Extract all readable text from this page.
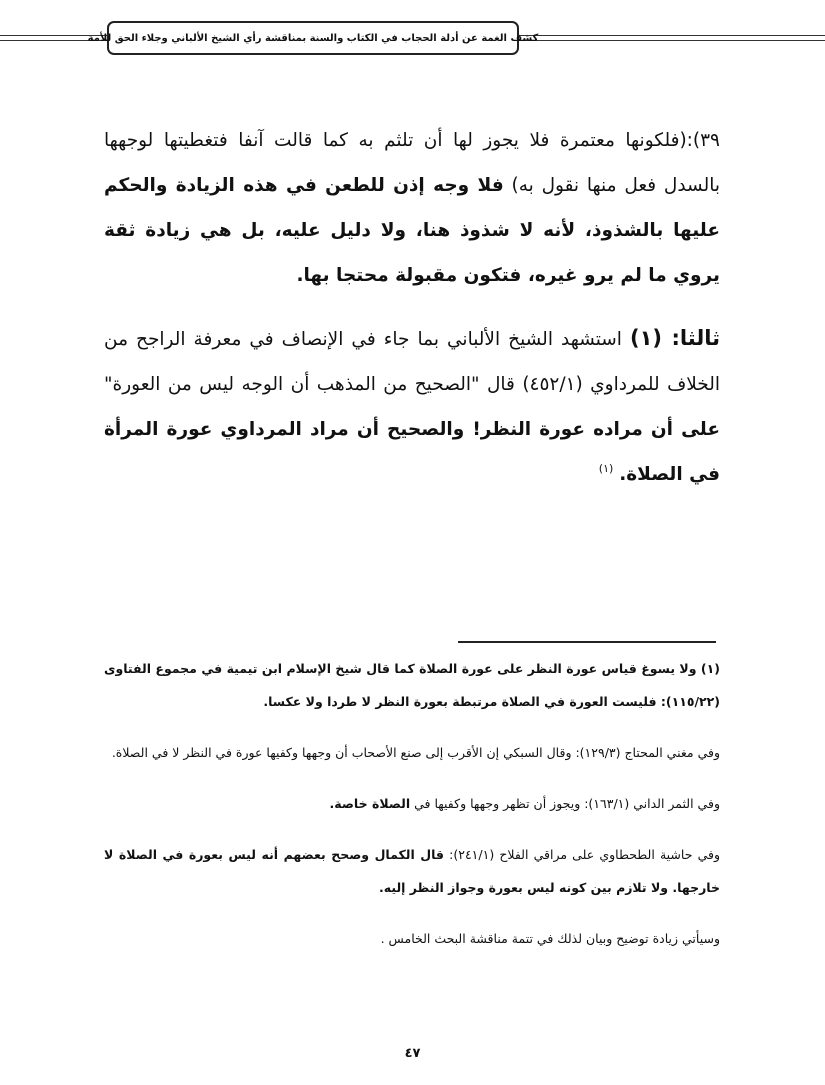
كشف الغمة عن أدلة الحجاب في الكتاب والسنة بمناقشة رأي الشيخ الألباني وجلاء الحق للأمة

٣٩):(فلكونها معتمرة فلا يجوز لها أن تلثم به كما قالت آنفا فتغطيتها لوجهها بالسدل فعل منها نقول به) فلا وجه إذن للطعن في هذه الزيادة والحكم عليها بالشذوذ، لأنه لا شذوذ هنا، ولا دليل عليه، بل هي زيادة ثقة يروي ما لم يرو غيره، فتكون مقبولة محتجا بها.

ثالثا: (١) استشهد الشيخ الألباني بما جاء في الإنصاف في معرفة الراجح من الخلاف للمرداوي (٤٥٢/١) قال "الصحيح من المذهب أن الوجه ليس من العورة" على أن مراده عورة النظر! والصحيح أن مراد المرداوي عورة المرأة في الصلاة. $^{(١)}$

(١) ولا يسوغ قياس عورة النظر على عورة الصلاة كما قال شيخ الإسلام ابن تيمية في مجموع الفتاوى (١١٥/٢٢): فليست العورة في الصلاة مرتبطة بعورة النظر لا طردا ولا عكسا.

وفي مغني المحتاج (١٢٩/٣): وقال السبكي إن الأقرب إلى صنع الأصحاب أن وجهها وكفيها عورة في النظر لا في الصلاة.

وفي الثمر الداني (١٦٣/١): ويجوز أن تظهر وجهها وكفيها في الصلاة خاصة.

وفي حاشية الطحطاوي على مراقي الفلاح (٢٤١/١): قال الكمال وصحح بعضهم أنه ليس بعورة في الصلاة لا خارجها. ولا تلازم بين كونه ليس بعورة وجواز النظر إليه.

وسيأتي زيادة توضيح وبيان لذلك في تتمة مناقشة البحث الخامس .

٤٧
